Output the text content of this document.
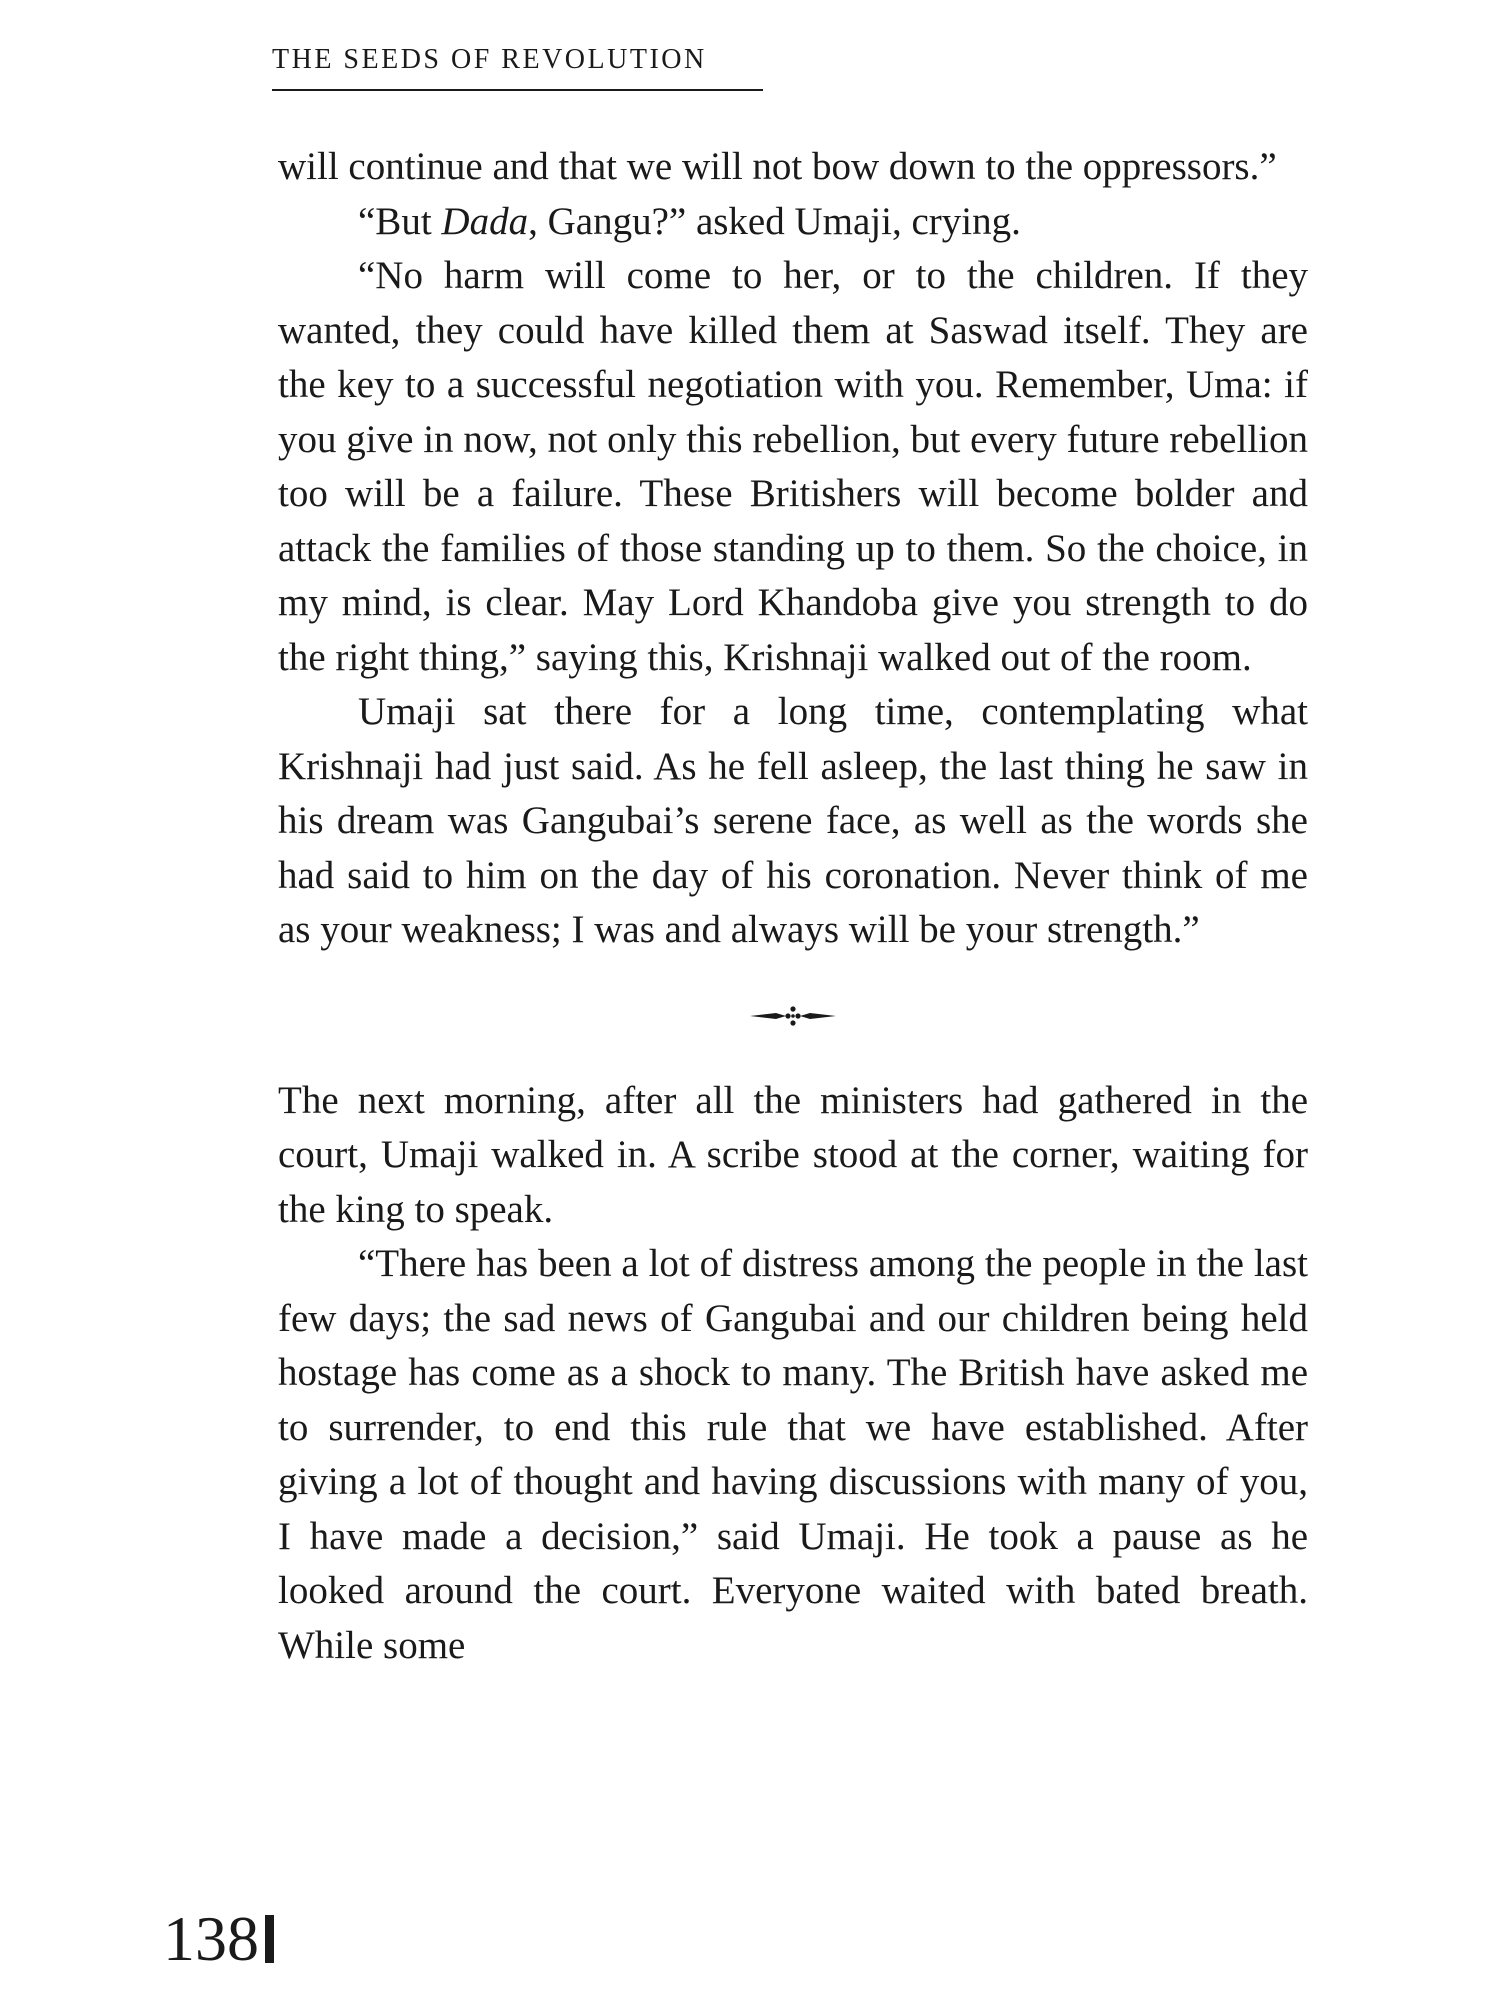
THE SEEDS OF REVOLUTION

will continue and that we will not bow down to the oppressors.”

“But Dada, Gangu?” asked Umaji, crying.

“No harm will come to her, or to the children. If they wanted, they could have killed them at Saswad itself. They are the key to a successful negotiation with you. Remember, Uma: if you give in now, not only this rebellion, but every future rebellion too will be a failure. These Britishers will become bolder and attack the families of those standing up to them. So the choice, in my mind, is clear. May Lord Khandoba give you strength to do the right thing,” saying this, Krishnaji walked out of the room.

Umaji sat there for a long time, contemplating what Krishnaji had just said. As he fell asleep, the last thing he saw in his dream was Gangubai’s serene face, as well as the words she had said to him on the day of his coronation. Never think of me as your weakness; I was and always will be your strength.”

The next morning, after all the ministers had gathered in the court, Umaji walked in. A scribe stood at the corner, waiting for the king to speak.

“There has been a lot of distress among the people in the last few days; the sad news of Gangubai and our children being held hostage has come as a shock to many. The British have asked me to surrender, to end this rule that we have established. After giving a lot of thought and having discussions with many of you, I have made a decision,” said Umaji. He took a pause as he looked around the court. Everyone waited with bated breath. While some

138
